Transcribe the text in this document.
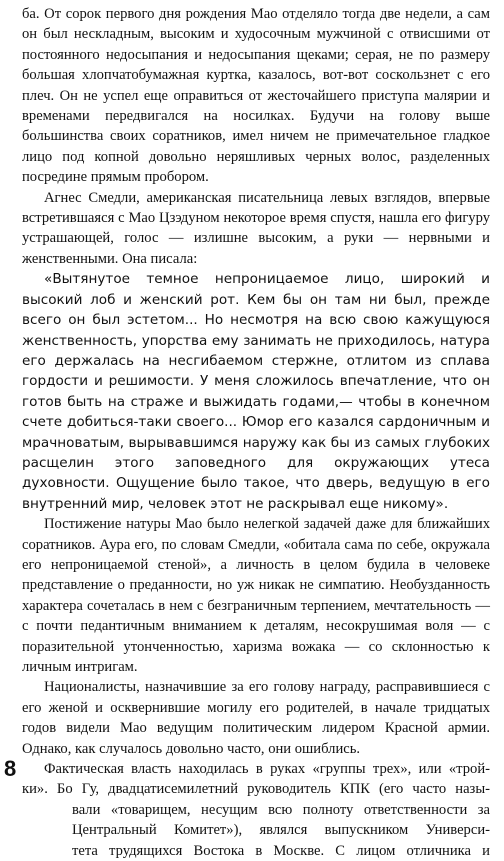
ба. От сорок первого дня рождения Мао отделяло тогда две недели, а сам он был нескладным, высоким и худосочным мужчиной с отвисшими от постоянного недосыпания и недосыпания щеками; серая, не по размеру большая хлопчатобумажная куртка, казалось, вот-вот соскользнет с его плеч. Он не успел еще оправиться от жесточайшего приступа малярии и временами передвигался на носилках. Будучи на голову выше большинства своих соратников, имел ничем не примечательное гладкое лицо под копной довольно неряшливых черных волос, разделенных посредине прямым пробором.

Агнес Смедли, американская писательница левых взглядов, впервые встретившаяся с Мао Цзэдуном некоторое время спустя, нашла его фигуру устрашающей, голос — излишне высоким, а руки — нервными и женственными. Она писала:

«Вытянутое темное непроницаемое лицо, широкий и высокий лоб и женский рот. Кем бы он там ни был, прежде всего он был эстетом... Но несмотря на всю свою кажущуюся женственность, упорства ему занимать не приходилось, натура его держалась на несгибаемом стержне, отлитом из сплава гордости и решимости. У меня сложилось впечатление, что он готов быть на страже и выжидать годами,— чтобы в конечном счете добиться-таки своего... Юмор его казался сардоничным и мрачноватым, вырывавшимся наружу как бы из самых глубоких расщелин этого заповедного для окружающих утеса духовности. Ощущение было такое, что дверь, ведущую в его внутренний мир, человек этот не раскрывал еще никому».

Постижение натуры Мао было нелегкой задачей даже для ближайших соратников. Аура его, по словам Смедли, «обитала сама по себе, окружала его непроницаемой стеной», а личность в целом будила в человеке представление о преданности, но уж никак не симпатию. Необузданность характера сочеталась в нем с безграничным терпением, мечтательность — с почти педантичным вниманием к деталям, несокрушимая воля — с поразительной утонченностью, харизма вожака — со склонностью к личным интригам.

Националисты, назначившие за его голову награду, расправившиеся с его женой и осквернившие могилу его родителей, в начале тридцатых годов видели Мао ведущим политическим лидером Красной армии. Однако, как случалось довольно часто, они ошиблись.

Фактическая власть находилась в руках «группы трех», или «трой-
ки». Бо Гу, двадцатисемилетний руководитель КПК (его часто назы-
вали «товарищем, несущим всю полноту ответственности за
Центральный Комитет»), являлся выпускником Универси-
тета трудящихся Востока в Москве. С лицом отличника и
8
